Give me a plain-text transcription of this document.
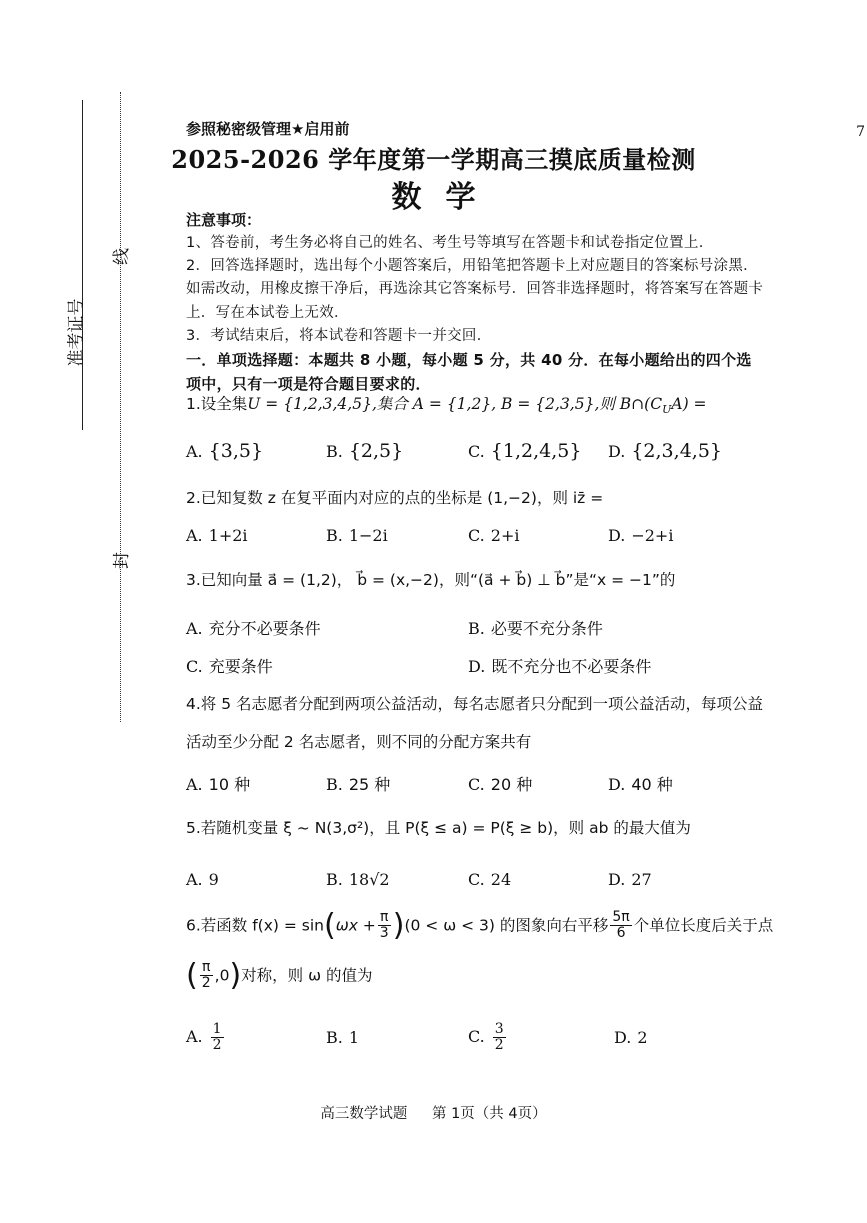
准考证号
线
封
7
参照秘密级管理★启用前
2025-2026 学年度第一学期高三摸底质量检测
数学
注意事项：
1、答卷前，考生务必将自己的姓名、考生号等填写在答题卡和试卷指定位置上.
2．回答选择题时，选出每个小题答案后，用铅笔把答题卡上对应题目的答案标号涂黑．如需改动，用橡皮擦干净后，再选涂其它答案标号．回答非选择题时，将答案写在答题卡上．写在本试卷上无效．
3．考试结束后，将本试卷和答题卡一并交回．
一．单项选择题：本题共 8 小题，每小题 5 分，共 40 分．在每小题给出的四个选项中，只有一项是符合题目要求的．
1.设全集U = {1,2,3,4,5},集合 A = {1,2}, B = {2,3,5},则 $B\cap(C_UA)$ =
A. {3,5}	B. {2,5}	C. {1,2,4,5} D. {2,3,4,5}
2.已知复数 z 在复平面内对应的点的坐标是 (1,−2)，则 iz̄ =
A. 1+2i	B. 1−2i	C. 2+i	D. −2+i
3.已知向量 a⃗ = (1,2)， b⃗ = (x,−2)，则“(a⃗ + b⃗) ⊥ b⃗”是“x = −1”的
A. 充分不必要条件	B. 必要不充分条件
C. 充要条件	D. 既不充分也不必要条件
4.将 5 名志愿者分配到两项公益活动，每名志愿者只分配到一项公益活动，每项公益
活动至少分配 2 名志愿者，则不同的分配方案共有
A. 10 种	B. 25 种	C. 20 种	D. 40 种
5.若随机变量 ξ ~ N(3,σ²)，且 P(ξ ≤ a) = P(ξ ≥ b)，则 ab 的最大值为
A. 9	B. 18√2	C. 24	D. 27
6.若函数 $f(x) = \sin(\omega x + \frac{\pi}{3} )(0 < \omega < 3)$ 的图象向右平移 $\frac{5\pi}{6}$ 个单位长度后关于点
( $\frac{\pi}{2} ,0$)对称，则 ω 的值为
A. $\frac{1}{2}$	B. 1	C. $\frac{3}{2}$	D. 2
高三数学试题 第 1页（共 4页）
